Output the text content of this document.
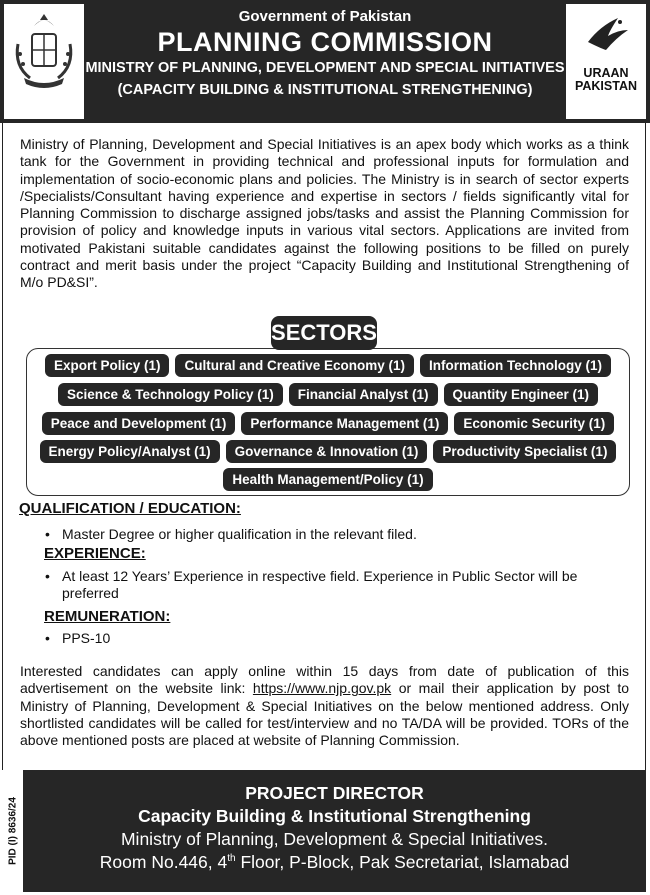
URAAN
PAKISTAN
Government of Pakistan
PLANNING COMMISSION
MINISTRY OF PLANNING, DEVELOPMENT AND SPECIAL INITIATIVES
(CAPACITY BUILDING & INSTITUTIONAL STRENGTHENING)

Ministry of Planning, Development and Special Initiatives is an apex body which works as a think tank for the Government in providing technical and professional inputs for formulation and implementation of socio-economic plans and policies. The Ministry is in search of sector experts /Specialists/Consultant having experience and expertise in sectors / fields significantly vital for Planning Commission to discharge assigned jobs/tasks and assist the Planning Commission for provision of policy and knowledge inputs in various vital sectors. Applications are invited from motivated Pakistani suitable candidates against the following positions to be filled on purely contract and merit basis under the project “Capacity Building and Institutional Strengthening of M/o PD&SI”.

SECTORS
Export Policy (1)	Cultural and Creative Economy (1)	Information Technology (1)
Science & Technology Policy (1)	Financial Analyst (1)	Quantity Engineer (1)
Peace and Development (1)	Performance Management (1)	Economic Security (1)
Energy Policy/Analyst (1)	Governance & Innovation (1)	Productivity Specialist (1)
Health Management/Policy (1)
QUALIFICATION / EDUCATION:
• Master Degree or higher qualification in the relevant filed.
EXPERIENCE:
• At least 12 Years’ Experience in respective field. Experience in Public Sector will be preferred
REMUNERATION:
• PPS-10

Interested candidates can apply online within 15 days from date of publication of this advertisement on the website link: https://www.njp.gov.pk or mail their application by post to Ministry of Planning, Development & Special Initiatives on the below mentioned address. Only shortlisted candidates will be called for test/interview and no TA/DA will be provided. TORs of the above mentioned posts are placed at website of Planning Commission.

PID (I) 8636/24
PROJECT DIRECTOR
Capacity Building & Institutional Strengthening
Ministry of Planning, Development & Special Initiatives.
Room No.446, 4th Floor, P-Block, Pak Secretariat, Islamabad
